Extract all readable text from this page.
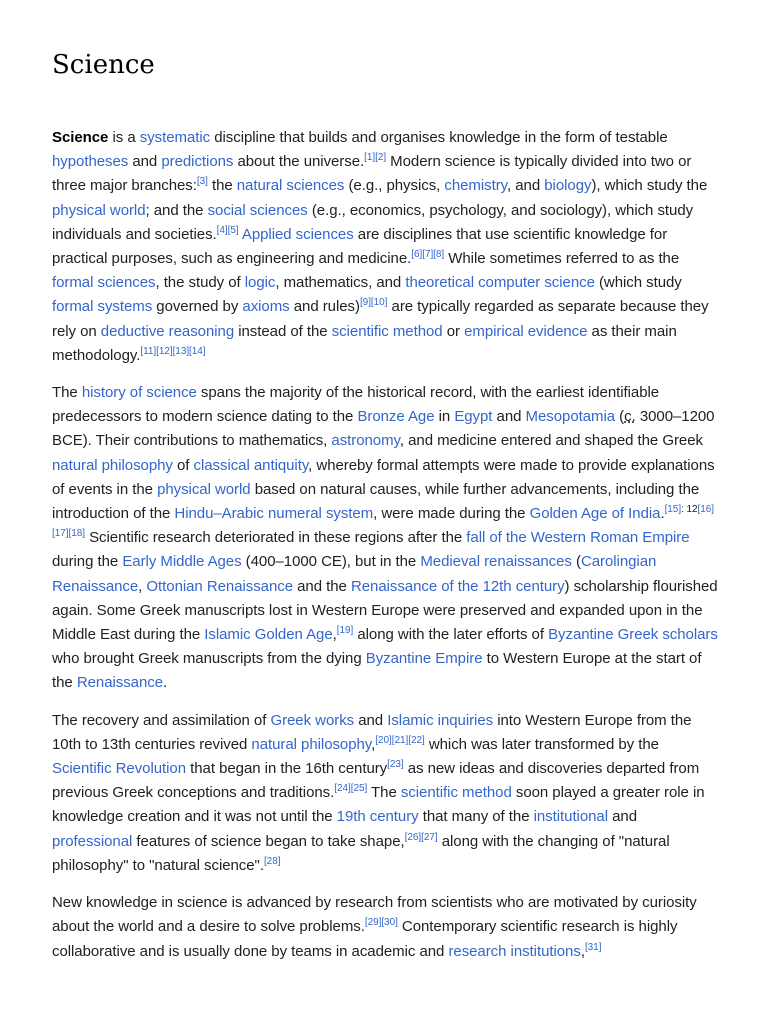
Science

Science is a systematic discipline that builds and organises knowledge in the form of testable hypotheses and predictions about the universe.[1][2] Modern science is typically divided into two or three major branches:[3] the natural sciences (e.g., physics, chemistry, and biology), which study the physical world; and the social sciences (e.g., economics, psychology, and sociology), which study individuals and societies.[4][5] Applied sciences are disciplines that use scientific knowledge for practical purposes, such as engineering and medicine.[6][7][8] While sometimes referred to as the formal sciences, the study of logic, mathematics, and theoretical computer science (which study formal systems governed by axioms and rules)[9][10] are typically regarded as separate because they rely on deductive reasoning instead of the scientific method or empirical evidence as their main methodology.[11][12][13][14]

The history of science spans the majority of the historical record, with the earliest identifiable predecessors to modern science dating to the Bronze Age in Egypt and Mesopotamia (c. 3000–1200 BCE). Their contributions to mathematics, astronomy, and medicine entered and shaped the Greek natural philosophy of classical antiquity, whereby formal attempts were made to provide explanations of events in the physical world based on natural causes, while further advancements, including the introduction of the Hindu–Arabic numeral system, were made during the Golden Age of India.[15]: 12[16][17][18] Scientific research deteriorated in these regions after the fall of the Western Roman Empire during the Early Middle Ages (400–1000 CE), but in the Medieval renaissances (Carolingian Renaissance, Ottonian Renaissance and the Renaissance of the 12th century) scholarship flourished again. Some Greek manuscripts lost in Western Europe were preserved and expanded upon in the Middle East during the Islamic Golden Age,[19] along with the later efforts of Byzantine Greek scholars who brought Greek manuscripts from the dying Byzantine Empire to Western Europe at the start of the Renaissance.

The recovery and assimilation of Greek works and Islamic inquiries into Western Europe from the 10th to 13th centuries revived natural philosophy,[20][21][22] which was later transformed by the Scientific Revolution that began in the 16th century[23] as new ideas and discoveries departed from previous Greek conceptions and traditions.[24][25] The scientific method soon played a greater role in knowledge creation and it was not until the 19th century that many of the institutional and professional features of science began to take shape,[26][27] along with the changing of "natural philosophy" to "natural science".[28]

New knowledge in science is advanced by research from scientists who are motivated by curiosity about the world and a desire to solve problems.[29][30] Contemporary scientific research is highly collaborative and is usually done by teams in academic and research institutions,[31]
